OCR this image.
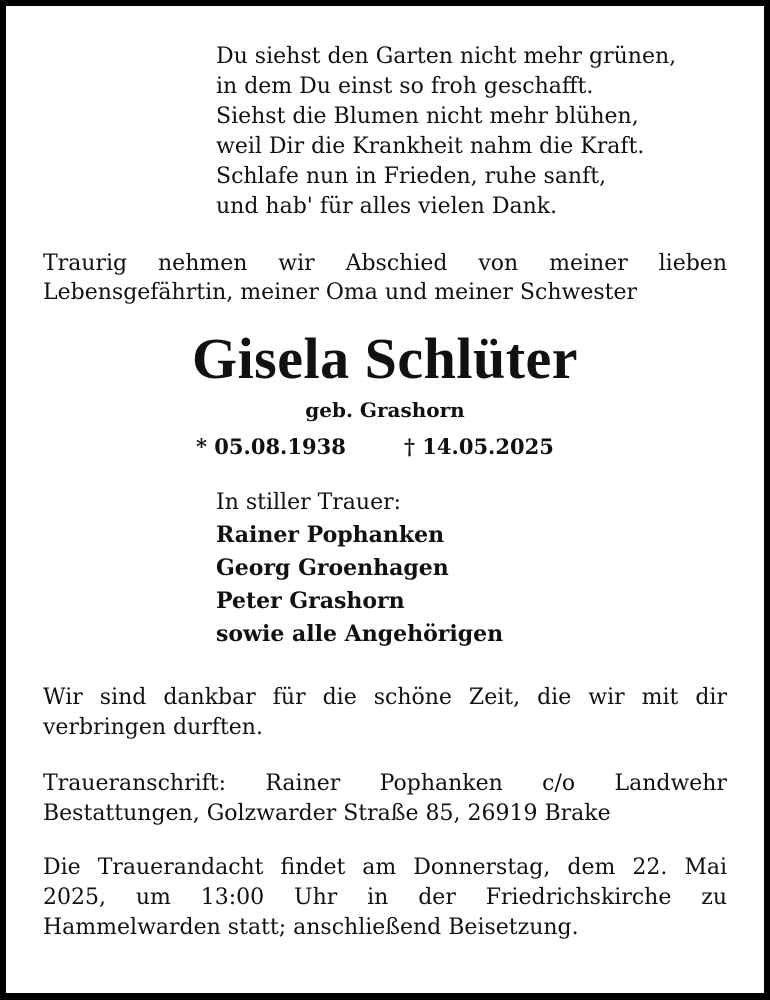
Du siehst den Garten nicht mehr grünen,
in dem Du einst so froh geschafft.
Siehst die Blumen nicht mehr blühen,
weil Dir die Krankheit nahm die Kraft.
Schlafe nun in Frieden, ruhe sanft,
und hab' für alles vielen Dank.
Traurig nehmen wir Abschied von meiner lieben
Lebensgefährtin, meiner Oma und meiner Schwester
Gisela Schlüter
geb. Grashorn
* 05.08.1938	† 14.05.2025
In stiller Trauer:
Rainer Pophanken
Georg Groenhagen
Peter Grashorn
sowie alle Angehörigen
Wir sind dankbar für die schöne Zeit, die wir mit dir
verbringen durften.
Traueranschrift: Rainer Pophanken c/o Landwehr
Bestattungen, Golzwarder Straße 85, 26919 Brake
Die Trauerandacht findet am Donnerstag, dem 22. Mai
2025, um 13:00 Uhr in der Friedrichskirche zu
Hammelwarden statt; anschließend Beisetzung.
